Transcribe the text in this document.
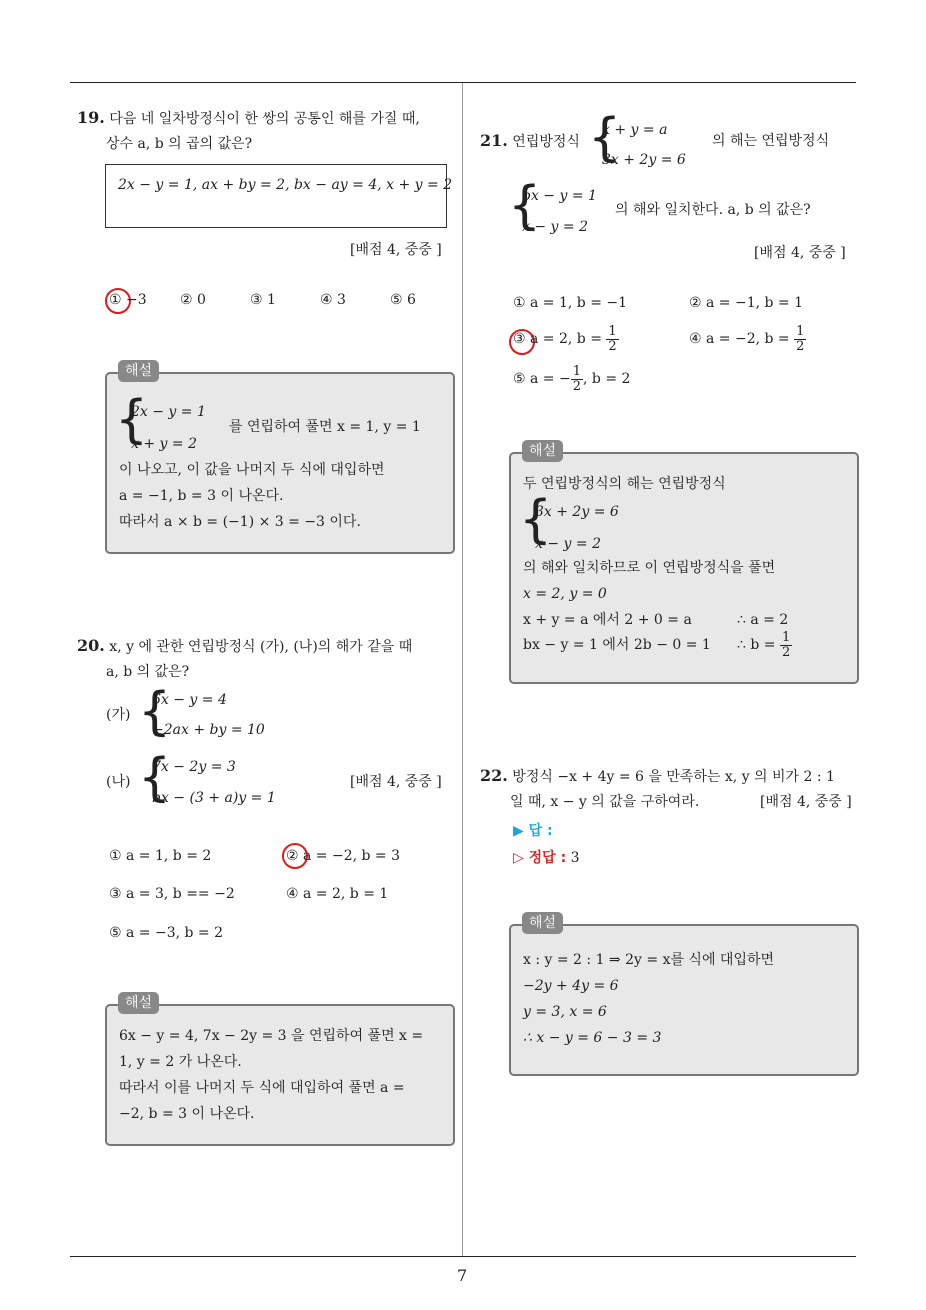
7
19. 다음 네 일차방정식이 한 쌍의 공통인 해를 가질 때,
상수 a, b 의 곱의 값은?
2x − y = 1, ax + by = 2, bx − ay = 4, x + y = 2
[배점 4, 중중 ]
① −3 ② 0	③ 1	④ 3	⑤ 6
{
2x − y = 1
x + y = 2
를 연립하여 풀면 x = 1, y = 1
이 나오고, 이 값을 나머지 두 식에 대입하면
a = −1, b = 3 이 나온다.
따라서 a × b = (−1) × 3 = −3 이다.
해설
20. x, y 에 관한 연립방정식 (가), (나)의 해가 같을 때
a, b 의 값은?
(가) {
6x − y = 4
−2ax + by = 10
(나) {
7x − 2y = 3
bx − (3 + a)y = 1
[배점 4, 중중 ]
① a = 1, b = 2	② a = −2, b = 3
③ a = 3, b == −2	④ a = 2, b = 1
⑤ a = −3, b = 2
6x − y = 4, 7x − 2y = 3 을 연립하여 풀면 x =
1, y = 2 가 나온다.
따라서 이를 나머지 두 식에 대입하여 풀면 a =
−2, b = 3 이 나온다.
해설
21. 연립방정식 {
x + y = a
3x + 2y = 6
의 해는 연립방정식
{
bx − y = 1
x − y = 2
의 해와 일치한다. a, b 의 값은?
[배점 4, 중중 ]
① a = 1, b = −1	② a = −1, b = 1
③ a = 2, $b = \frac{1}{2}$	④ a = −2, $b = \frac{1}{2}$
⑤ a = − $\frac{1}{2}$ , b = 2
두 연립방정식의 해는 연립방정식
{
3x + 2y = 6
x − y = 2
의 해와 일치하므로 이 연립방정식을 풀면
x = 2, y = 0
x + y = a 에서 2 + 0 = a	∴ a = 2
bx − y = 1 에서 2b − 0 = 1 ∴ $b = \frac{1}{2}$
해설
22. 방정식 −x + 4y = 6 을 만족하는 x, y 의 비가 2 : 1
일 때, x − y 의 값을 구하여라.	[배점 4, 중중 ]
▶ 답 :
▷ 정답 : 3
x : y = 2 : 1 ⇒ 2y = x를 식에 대입하면
−2y + 4y = 6
y = 3, x = 6
∴ x − y = 6 − 3 = 3
해설
